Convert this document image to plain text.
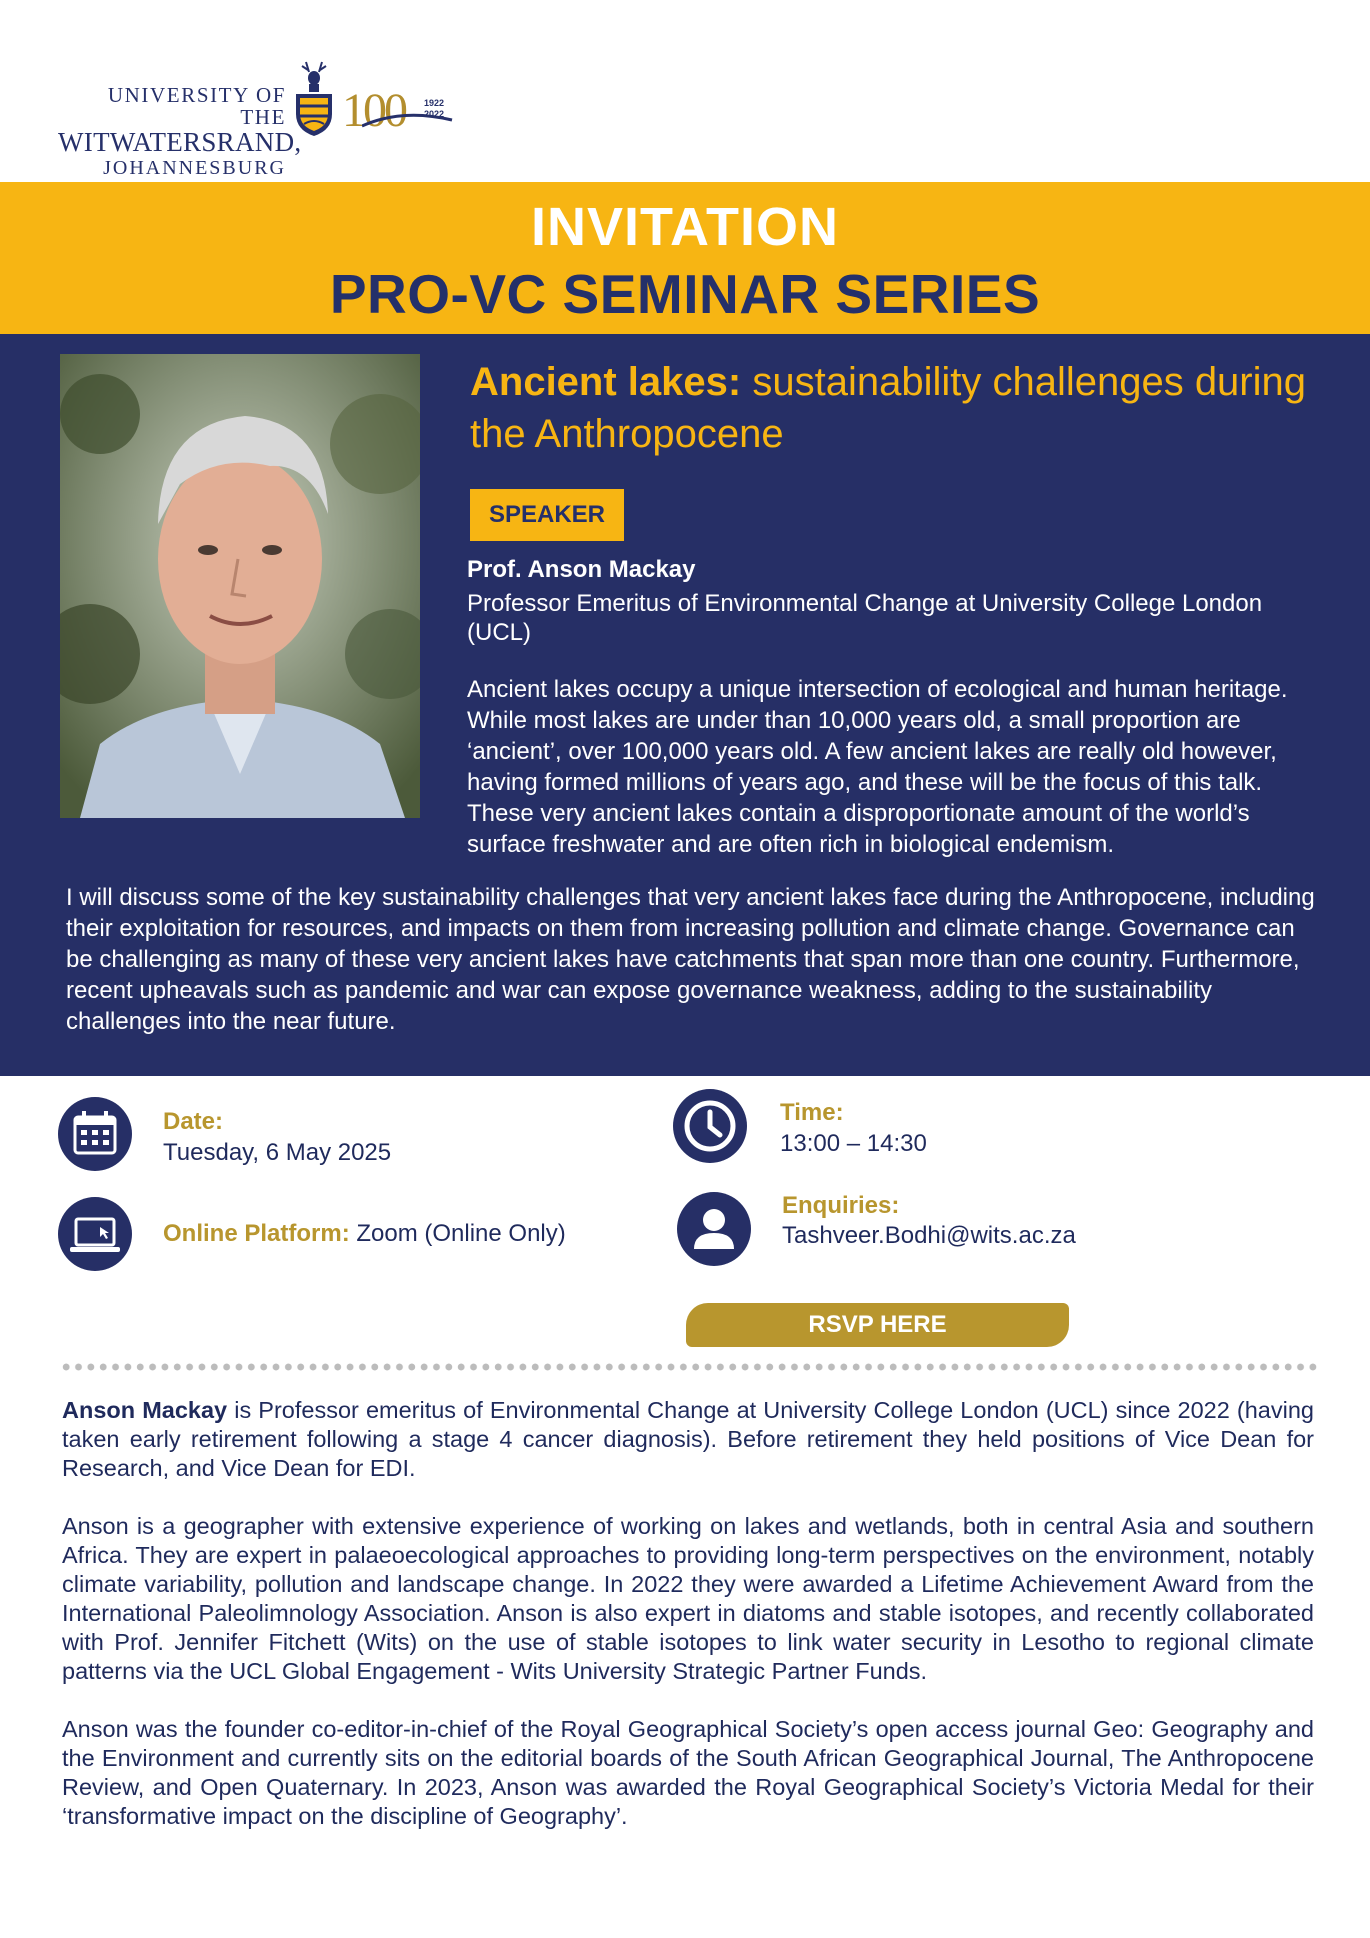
UNIVERSITY OF THE
WITWATERSRAND,
JOHANNESBURG
100 1922
2022
INVITATION
PRO-VC SEMINAR SERIES
Ancient lakes: sustainability challenges during the Anthropocene
SPEAKER
Prof. Anson Mackay
Professor Emeritus of Environmental Change at University College London (UCL)

Ancient lakes occupy a unique intersection of ecological and human heritage. While most lakes are under than 10,000 years old, a small proportion are ‘ancient’, over 100,000 years old. A few ancient lakes are really old however, having formed millions of years ago, and these will be the focus of this talk. These very ancient lakes contain a disproportionate amount of the world’s surface freshwater and are often rich in biological endemism.

I will discuss some of the key sustainability challenges that very ancient lakes face during the Anthropocene, including their exploitation for resources, and impacts on them from increasing pollution and climate change. Governance can be challenging as many of these very ancient lakes have catchments that span more than one country. Furthermore, recent upheavals such as pandemic and war can expose governance weakness, adding to the sustainability challenges into the near future.

Date:
Tuesday, 6 May 2025
Time:
13:00 – 14:30
Online Platform: Zoom (Online Only)
Enquiries:
Tashveer.Bodhi@wits.ac.za
RSVP HERE

Anson Mackay is Professor emeritus of Environmental Change at University College London (UCL) since 2022 (having taken early retirement following a stage 4 cancer diagnosis). Before retirement they held positions of Vice Dean for Research, and Vice Dean for EDI.

Anson is a geographer with extensive experience of working on lakes and wetlands, both in central Asia and southern Africa. They are expert in palaeoecological approaches to providing long-term perspectives on the environment, notably climate variability, pollution and landscape change. In 2022 they were awarded a Lifetime Achievement Award from the International Paleolimnology Association. Anson is also expert in diatoms and stable isotopes, and recently collaborated with Prof. Jennifer Fitchett (Wits) on the use of stable isotopes to link water security in Lesotho to regional climate patterns via the UCL Global Engagement - Wits University Strategic Partner Funds.

Anson was the founder co-editor-in-chief of the Royal Geographical Society’s open access journal Geo: Geography and the Environment and currently sits on the editorial boards of the South African Geographical Journal, The Anthropocene Review, and Open Quaternary. In 2023, Anson was awarded the Royal Geographical Society’s Victoria Medal for their ‘transformative impact on the discipline of Geography’.
